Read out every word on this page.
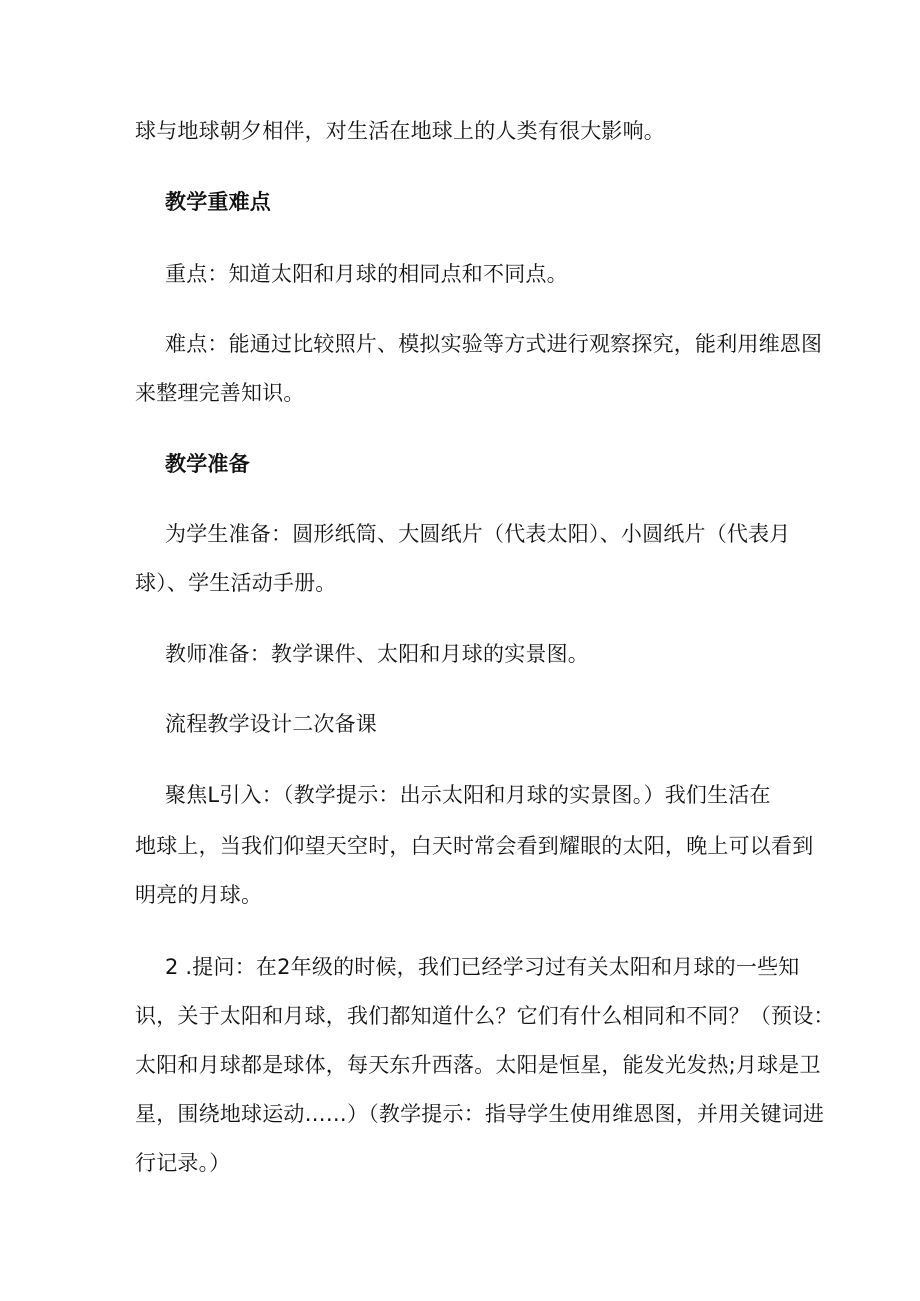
球与地球朝夕相伴，对生活在地球上的人类有很大影响。
教学重难点
重点：知道太阳和月球的相同点和不同点。
难点：能通过比较照片、模拟实验等方式进行观察探究，能利用维恩图
来整理完善知识。
教学准备
为学生准备：圆形纸筒、大圆纸片（代表太阳）、小圆纸片（代表月
球）、学生活动手册。
教师准备：教学课件、太阳和月球的实景图。
流程教学设计二次备课
聚焦L引入：（教学提示：出示太阳和月球的实景图。）我们生活在
地球上，当我们仰望天空时，白天时常会看到耀眼的太阳，晚上可以看到
明亮的月球。
2 .提问：在2年级的时候，我们已经学习过有关太阳和月球的一些知
识，关于太阳和月球，我们都知道什么？它们有什么相同和不同？（预设：
太阳和月球都是球体，每天东升西落。太阳是恒星，能发光发热;月球是卫
星，围绕地球运动……）（教学提示：指导学生使用维恩图，并用关键词进
行记录。）
